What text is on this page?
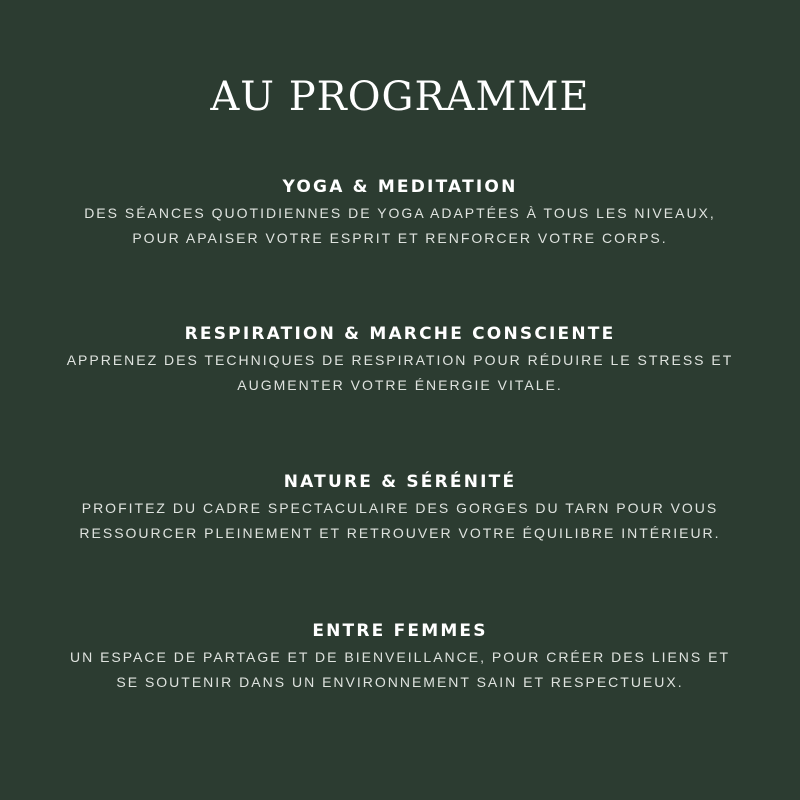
AU PROGRAMME
YOGA & MEDITATION

DES SÉANCES QUOTIDIENNES DE YOGA ADAPTÉES À TOUS LES NIVEAUX,
POUR APAISER VOTRE ESPRIT ET RENFORCER VOTRE CORPS.

RESPIRATION & MARCHE CONSCIENTE

APPRENEZ DES TECHNIQUES DE RESPIRATION POUR RÉDUIRE LE STRESS ET
AUGMENTER VOTRE ÉNERGIE VITALE.

NATURE & SÉRÉNITÉ

PROFITEZ DU CADRE SPECTACULAIRE DES GORGES DU TARN POUR VOUS
RESSOURCER PLEINEMENT ET RETROUVER VOTRE ÉQUILIBRE INTÉRIEUR.

ENTRE FEMMES

UN ESPACE DE PARTAGE ET DE BIENVEILLANCE, POUR CRÉER DES LIENS ET
SE SOUTENIR DANS UN ENVIRONNEMENT SAIN ET RESPECTUEUX.
